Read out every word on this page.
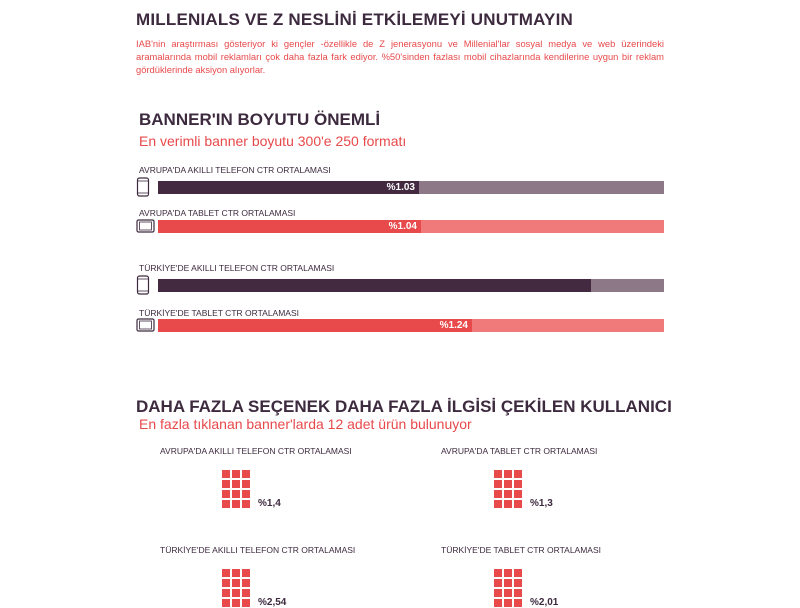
MILLENIALS VE Z NESLİNİ ETKİLEMEYİ UNUTMAYIN
IAB'nin araştırması gösteriyor ki gençler -özellikle de Z jenerasyonu ve Millenial'lar sosyal medya ve web üzerindeki aramalarında mobil reklamları çok daha fazla fark ediyor. %50'sinden fazlası mobil cihazlarında kendilerine uygun bir reklam gördüklerinde aksiyon alıyorlar.
BANNER'IN BOYUTU ÖNEMLİ
En verimli banner boyutu 300'e 250 formatı
AVRUPA'DA AKILLI TELEFON CTR ORTALAMASI
%1.03
AVRUPA'DA TABLET CTR ORTALAMASI
%1.04
TÜRKİYE'DE AKILLI TELEFON CTR ORTALAMASI
TÜRKİYE'DE TABLET CTR ORTALAMASI
%1.24
DAHA FAZLA SEÇENEK DAHA FAZLA İLGİSİ ÇEKİLEN KULLANICI
En fazla tıklanan banner'larda 12 adet ürün bulunuyor
AVRUPA'DA AKILLI TELEFON CTR ORTALAMASI
%1,4
AVRUPA'DA TABLET CTR ORTALAMASI
%1,3
TÜRKİYE'DE AKILLI TELEFON CTR ORTALAMASI
%2,54
TÜRKİYE'DE TABLET CTR ORTALAMASI
%2,01
